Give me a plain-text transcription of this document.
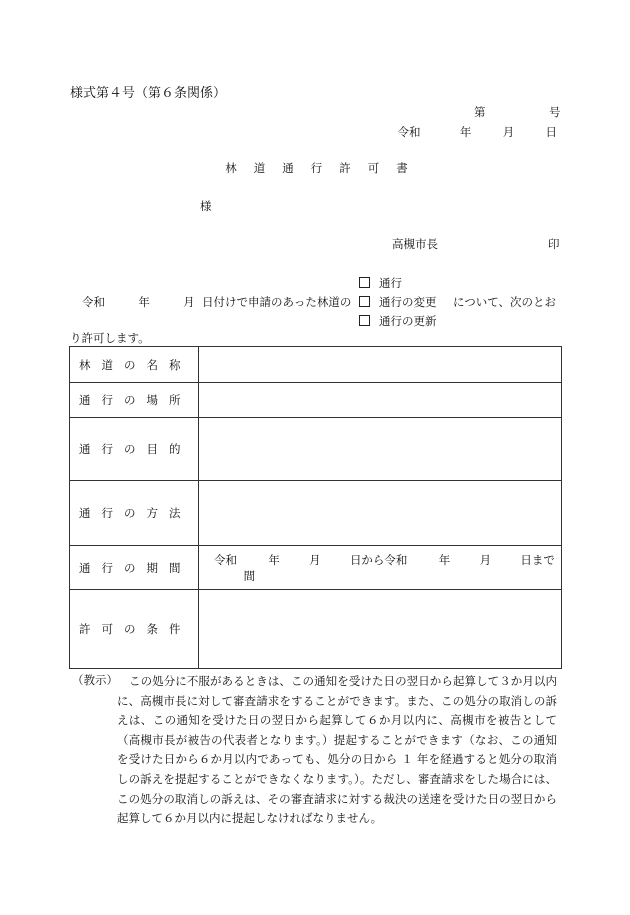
様式第４号（第６条関係）
第	号
令和	年	月	日
林道通行許可書
様
高槻市長	印
令和	年	月 日付けで申請のあった林道の
通行
通行の変更
通行の更新
について、次のとお
り許可します。
林道の名称	
通行の場所	
通行の目的	
通行の方法	
通行の期間	令和 年 月 日から令和 年 月 日まで  間
許可の条件	
（教示） この処分に不服があるときは、この通知を受けた日の翌日から起算して３か月以内に、高槻市長に対して審査請求をすることができます。また、この処分の取消しの訴えは、この通知を受けた日の翌日から起算して６か月以内に、高槻市を被告として（高槻市長が被告の代表者となります。）提起することができます（なお、この通知を受けた日から６か月以内であっても、処分の日から １ 年を経過すると処分の取消しの訴えを提起することができなくなります。）。ただし、審査請求をした場合には、この処分の取消しの訴えは、その審査請求に対する裁決の送達を受けた日の翌日から起算して６か月以内に提起しなければなりません。
